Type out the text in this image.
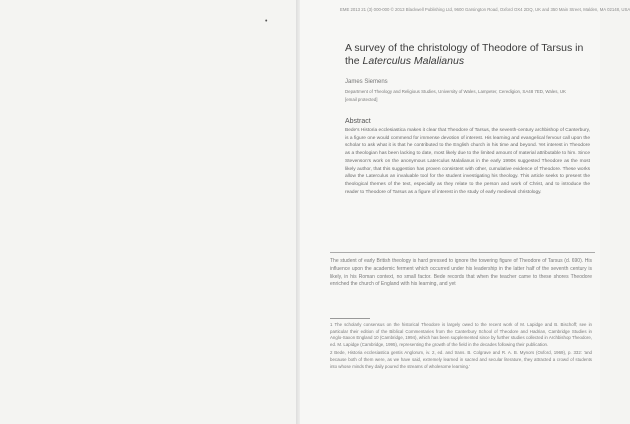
•
EME 2013 21 (3) 000-000 © 2013 Blackwell Publishing Ltd, 9600 Garsington Road, Oxford OX4 2DQ, UK and 350 Main Street, Malden, MA 02148, USA
A survey of the christology of Theodore of Tarsus in the Laterculus Malalianus
James Siemens
Department of Theology and Religious Studies, University of Wales, Lampeter, Ceredigion, SA48 7ED, Wales, UK
[email protected]
Abstract
Bede's Historia ecclesiastica makes it clear that Theodore of Tarsus, the seventh-century archbishop of Canterbury, is a figure one would commend for immense devotion of interest. His learning and evangelical fervour call upon the scholar to ask what it is that he contributed to the English church in his time and beyond. Yet interest in Theodore as a theologian has been lacking to date, most likely due to the limited amount of material attributable to him. Since Stevenson's work on the anonymous Laterculus Malalianus in the early 1990s suggested Theodore as the most likely author, that this suggestion has proven consistent with other, cumulative evidence of Theodore. These works allow the Laterculus an invaluable tool for the student investigating his theology. This article seeks to present the theological themes of the text, especially as they relate to the person and work of Christ, and to introduce the reader to Theodore of Tarsus as a figure of interest in the study of early medieval christology.
The student of early British theology is hard pressed to ignore the towering figure of Theodore of Tarsus (d. 690). His influence upon the academic ferment which occurred under his leadership in the latter half of the seventh century is likely, in his Roman context, no small factor. Bede records that when the teacher came to these shores Theodore enriched the church of England with his learning, and yet
1 The scholarly consensus on the historical Theodore is largely owed to the recent work of M. Lapidge and B. Bischoff; see in particular their edition of the Biblical Commentaries from the Canterbury School of Theodore and Hadrian, Cambridge Studies in Anglo-Saxon England 10 (Cambridge, 1994), which has been supplemented since by further studies collected in Archbishop Theodore, ed. M. Lapidge (Cambridge, 1995), representing the growth of the field in the decades following their publication.
2 Bede, Historia ecclesiastica gentis Anglorum, iv. 2, ed. and trans. B. Colgrave and R. A. B. Mynors (Oxford, 1969), p. 332: 'and because both of them were, as we have said, extremely learned in sacred and secular literature, they attracted a crowd of students into whose minds they daily poured the streams of wholesome learning.'
